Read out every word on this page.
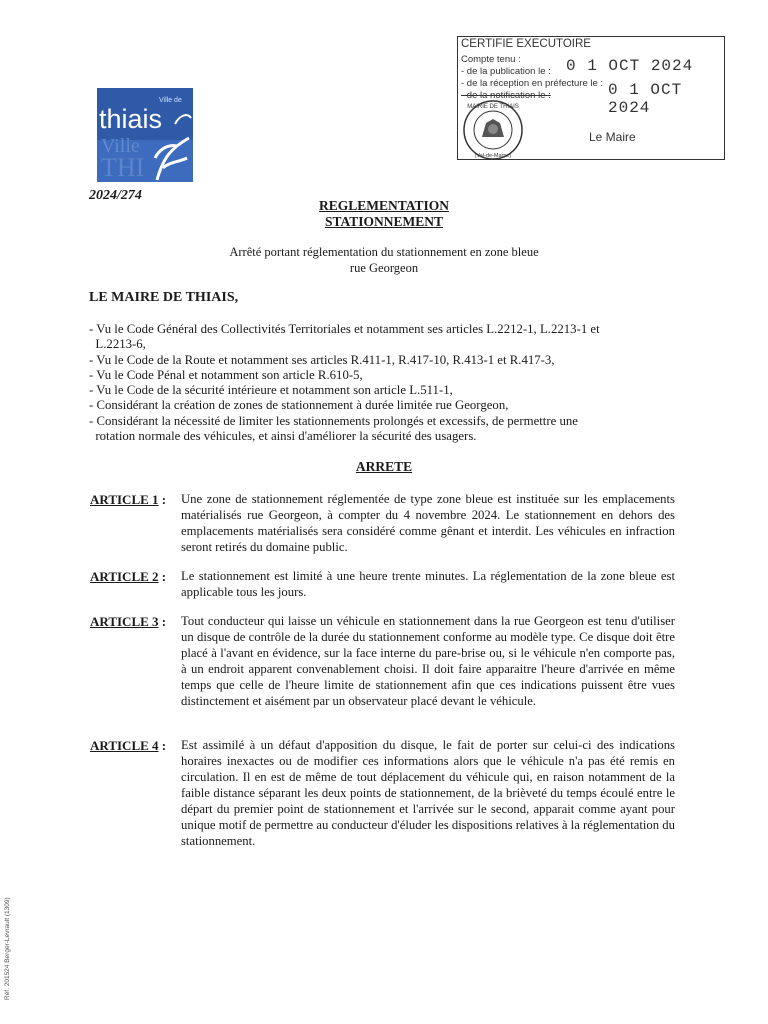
Ville
THI
Ville de
thiais
2024/274
CERTIFIE EXECUTOIRE
Compte tenu :
- de la publication le : 0 1 OCT 2024
- de la réception en préfecture le : 0 1 OCT 2024
- de la notification le :
MAIRIE DE THIAIS
(Val-de-Marne)
Le Maire
REGLEMENTATION
STATIONNEMENT
Arrêté portant réglementation du stationnement en zone bleue
rue Georgeon
LE MAIRE DE THIAIS,
- Vu le Code Général des Collectivités Territoriales et notamment ses articles L.2212-1, L.2213-1 et
L.2213-6,
- Vu le Code de la Route et notamment ses articles R.411-1, R.417-10, R.413-1 et R.417-3,
- Vu le Code Pénal et notamment son article R.610-5,
- Vu le Code de la sécurité intérieure et notamment son article L.511-1,
- Considérant la création de zones de stationnement à durée limitée rue Georgeon,
- Considérant la nécessité de limiter les stationnements prolongés et excessifs, de permettre une
rotation normale des véhicules, et ainsi d'améliorer la sécurité des usagers.
ARRETE
ARTICLE 1 : Une zone de stationnement réglementée de type zone bleue est instituée sur les emplacements matérialisés rue Georgeon, à compter du 4 novembre 2024. Le stationnement en dehors des emplacements matérialisés sera considéré comme gênant et interdit. Les véhicules en infraction seront retirés du domaine public.
ARTICLE 2 : Le stationnement est limité à une heure trente minutes. La réglementation de la zone bleue est applicable tous les jours.
ARTICLE 3 : Tout conducteur qui laisse un véhicule en stationnement dans la rue Georgeon est tenu d'utiliser un disque de contrôle de la durée du stationnement conforme au modèle type. Ce disque doit être placé à l'avant en évidence, sur la face interne du pare-brise ou, si le véhicule n'en comporte pas, à un endroit apparent convenablement choisi. Il doit faire apparaitre l'heure d'arrivée en même temps que celle de l'heure limite de stationnement afin que ces indications puissent être vues distinctement et aisément par un observateur placé devant le véhicule.
ARTICLE 4 : Est assimilé à un défaut d'apposition du disque, le fait de porter sur celui-ci des indications horaires inexactes ou de modifier ces informations alors que le véhicule n'a pas été remis en circulation. Il en est de même de tout déplacement du véhicule qui, en raison notamment de la faible distance séparant les deux points de stationnement, de la brièveté du temps écoulé entre le départ du premier point de stationnement et l'arrivée sur le second, apparait comme ayant pour unique motif de permettre au conducteur d'éluder les dispositions relatives à la réglementation du stationnement.
Réf. 201524 Berger-Levrault (1309)
